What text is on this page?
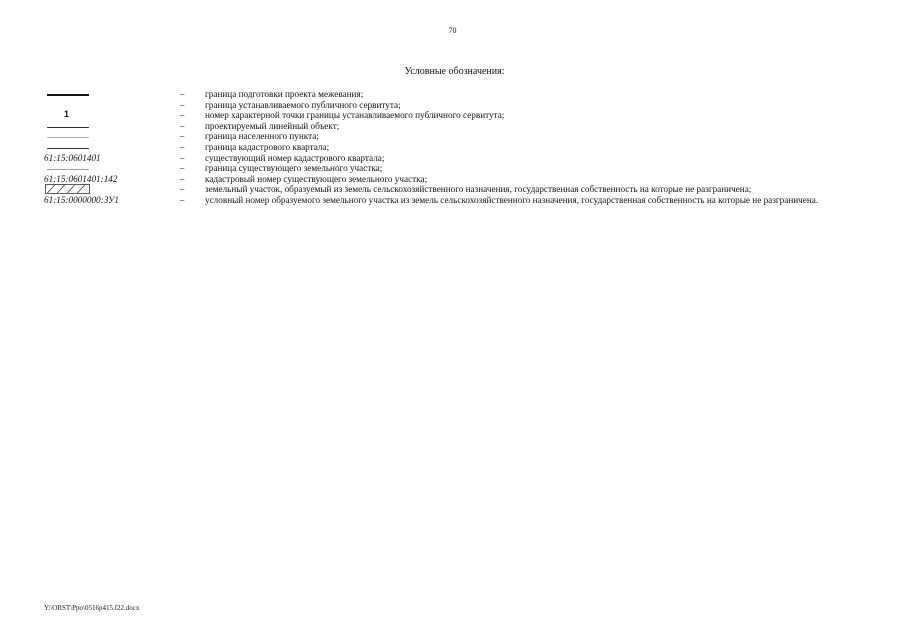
70
Условные обозначения:
–	граница подготовки проекта межевания;
–	граница устанавливаемого публичного сервитута;
1	–	номер характерной точки границы устанавливаемого публичного сервитута;
–	проектируемый линейный объект;
–	граница населенного пункта;
–	граница кадастрового квартала;
61:15:0601401	–	существующий номер кадастрового квартала;
–	граница существующего земельного участка;
61:15:0601401:142	–	кадастровый номер существующего земельного участка;
–	земельный участок, образуемый из земель сельскохозяйственного назначения, государственная собственность на которые не разграничена;
61:15:0000000:ЗУ1	–	условный номер образуемого земельного участка из земель сельскохозяйственного назначения, государственная собственность на которые не разграничена.
Y:\ORST\Ppo\0516p415.f22.docx
